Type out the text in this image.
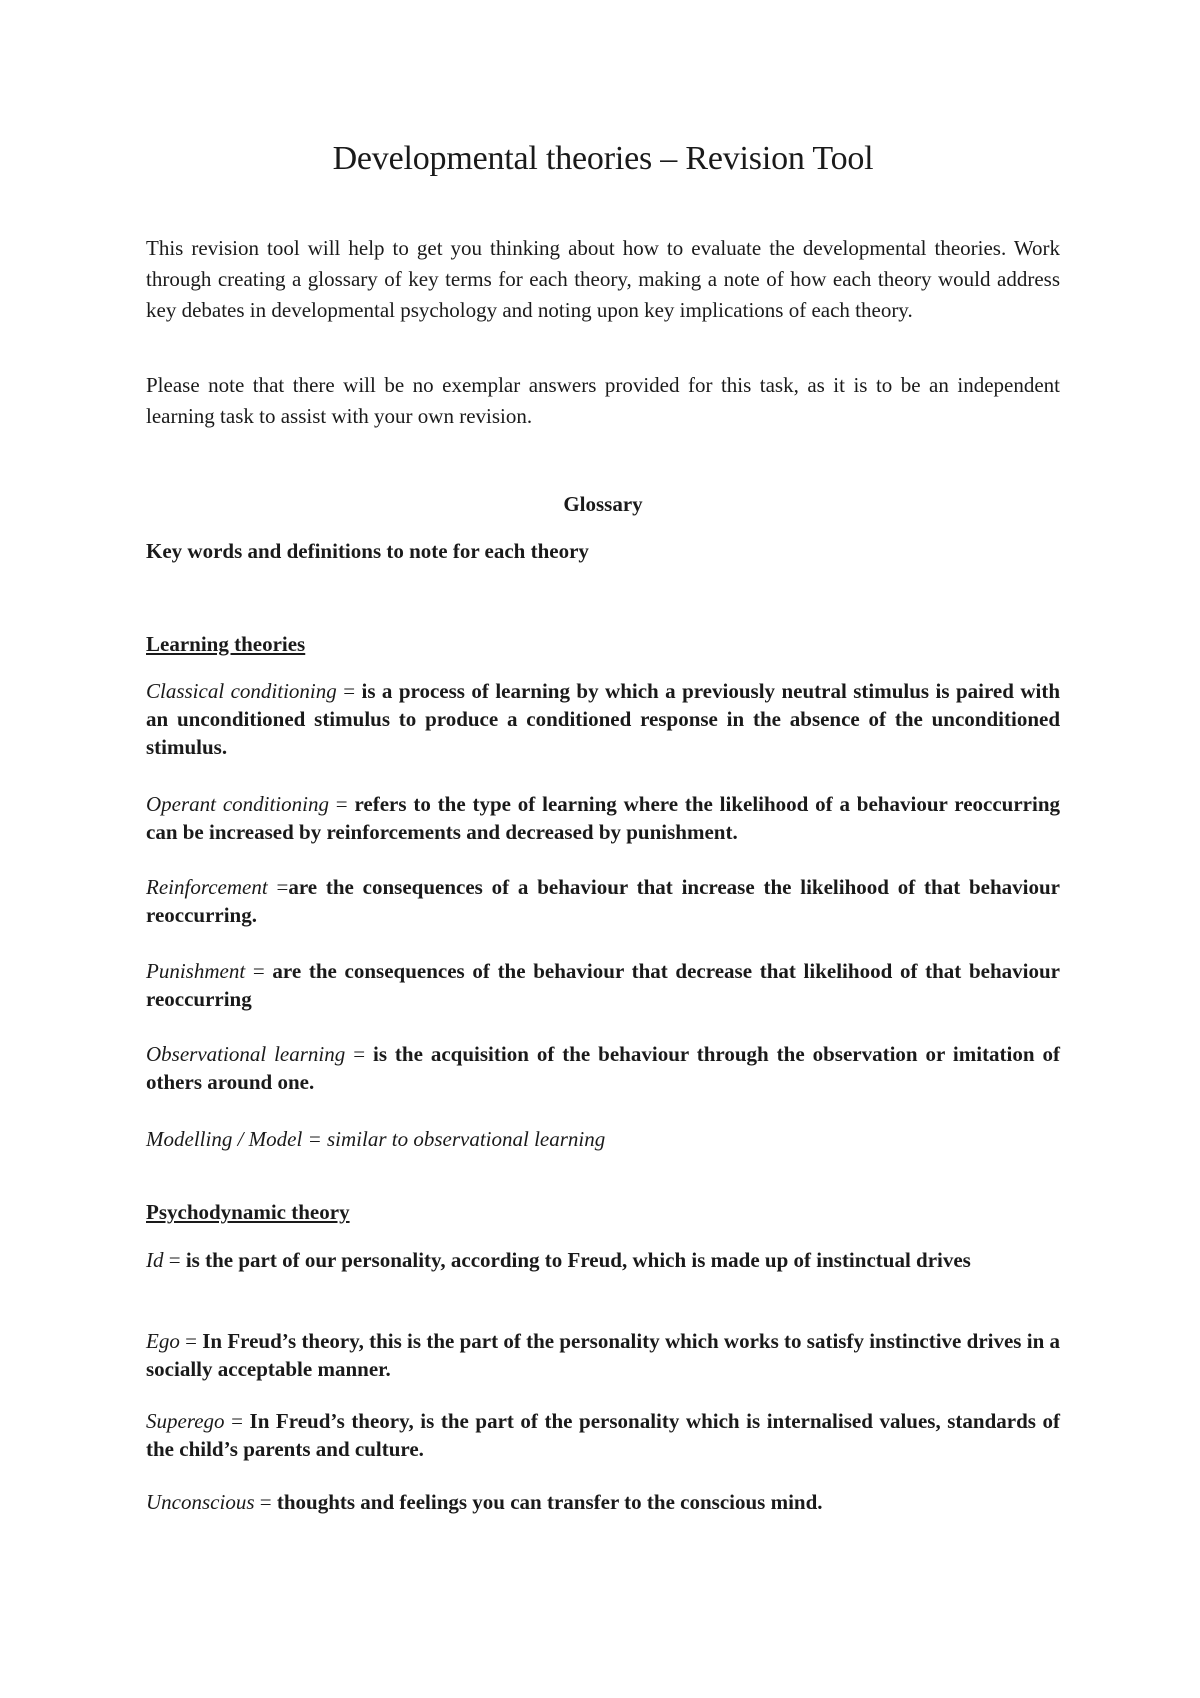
Developmental theories – Revision Tool

This revision tool will help to get you thinking about how to evaluate the developmental theories. Work through creating a glossary of key terms for each theory, making a note of how each theory would address key debates in developmental psychology and noting upon key implications of each theory.

Please note that there will be no exemplar answers provided for this task, as it is to be an independent learning task to assist with your own revision.

Glossary

Key words and definitions to note for each theory

Learning theories

Classical conditioning = is a process of learning by which a previously neutral stimulus is paired with an unconditioned stimulus to produce a conditioned response in the absence of the unconditioned stimulus.

Operant conditioning = refers to the type of learning where the likelihood of a behaviour reoccurring can be increased by reinforcements and decreased by punishment.

Reinforcement =are the consequences of a behaviour that increase the likelihood of that behaviour reoccurring.

Punishment = are the consequences of the behaviour that decrease that likelihood of that behaviour reoccurring

Observational learning = is the acquisition of the behaviour through the observation or imitation of others around one.

Modelling / Model = similar to observational learning

Psychodynamic theory

Id = is the part of our personality, according to Freud, which is made up of instinctual drives

Ego = In Freud’s theory, this is the part of the personality which works to satisfy instinctive drives in a socially acceptable manner.

Superego = In Freud’s theory, is the part of the personality which is internalised values, standards of the child’s parents and culture.

Unconscious = thoughts and feelings you can transfer to the conscious mind.
